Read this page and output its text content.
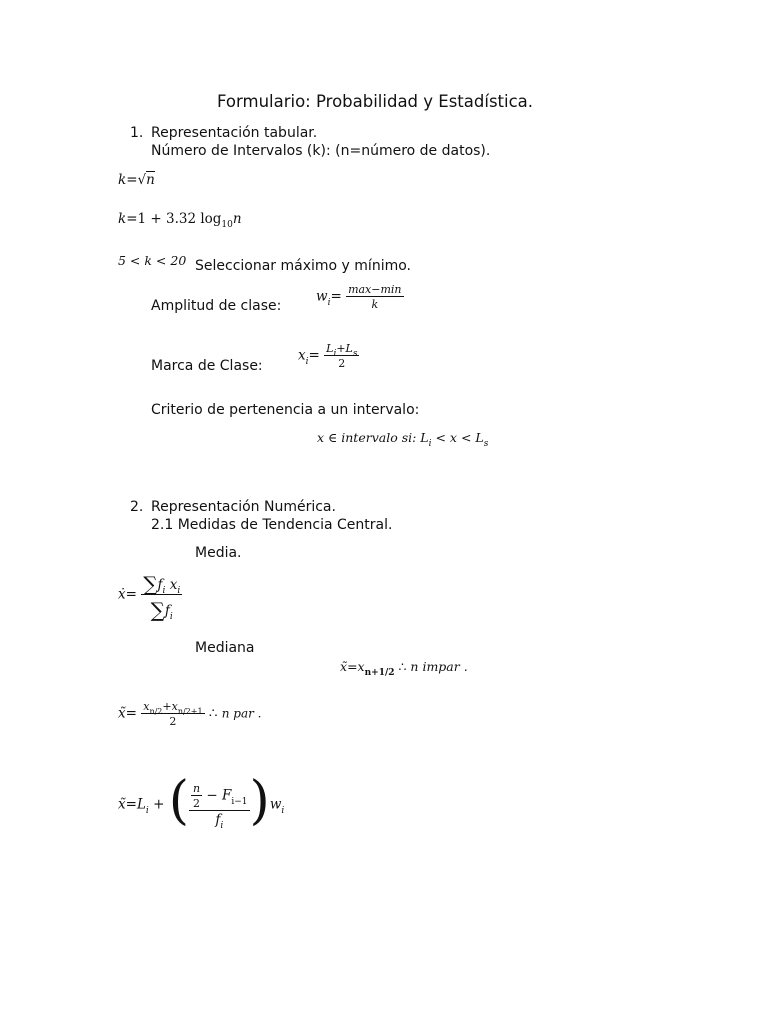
Formulario: Probabilidad y Estadística.
1. Representación tabular.
Número de Intervalos (k): (n=número de datos).
k=√n
k=1 + 3.32 $\log_{10}n$
5 < k < 20 Seleccionar máximo y mínimo.
Amplitud de clase:
$w_i= \frac{\max-\min}{k}$
Marca de Clase:
$x_i= \frac{L_i+L_s}{2}$
Criterio de pertenencia a un intervalo:
x ∈ intervalo si: $L_i < x < L_s$
2. Representación Numérica.
2.1 Medidas de Tendencia Central.
Media.
ẋ= $\frac{\sum f_i x_i}{\sum f_i}$
Mediana
$x̃=x_{n+1/2}$ ∴ n impar .
x̃= $\frac{x_{n/2}+x_{n/2+1}}{2}$ ∴ n par .
$x̃=L_i$ + ( $\frac{\frac{n}{2} - F_{i-1}}{f_i} )w_i$
